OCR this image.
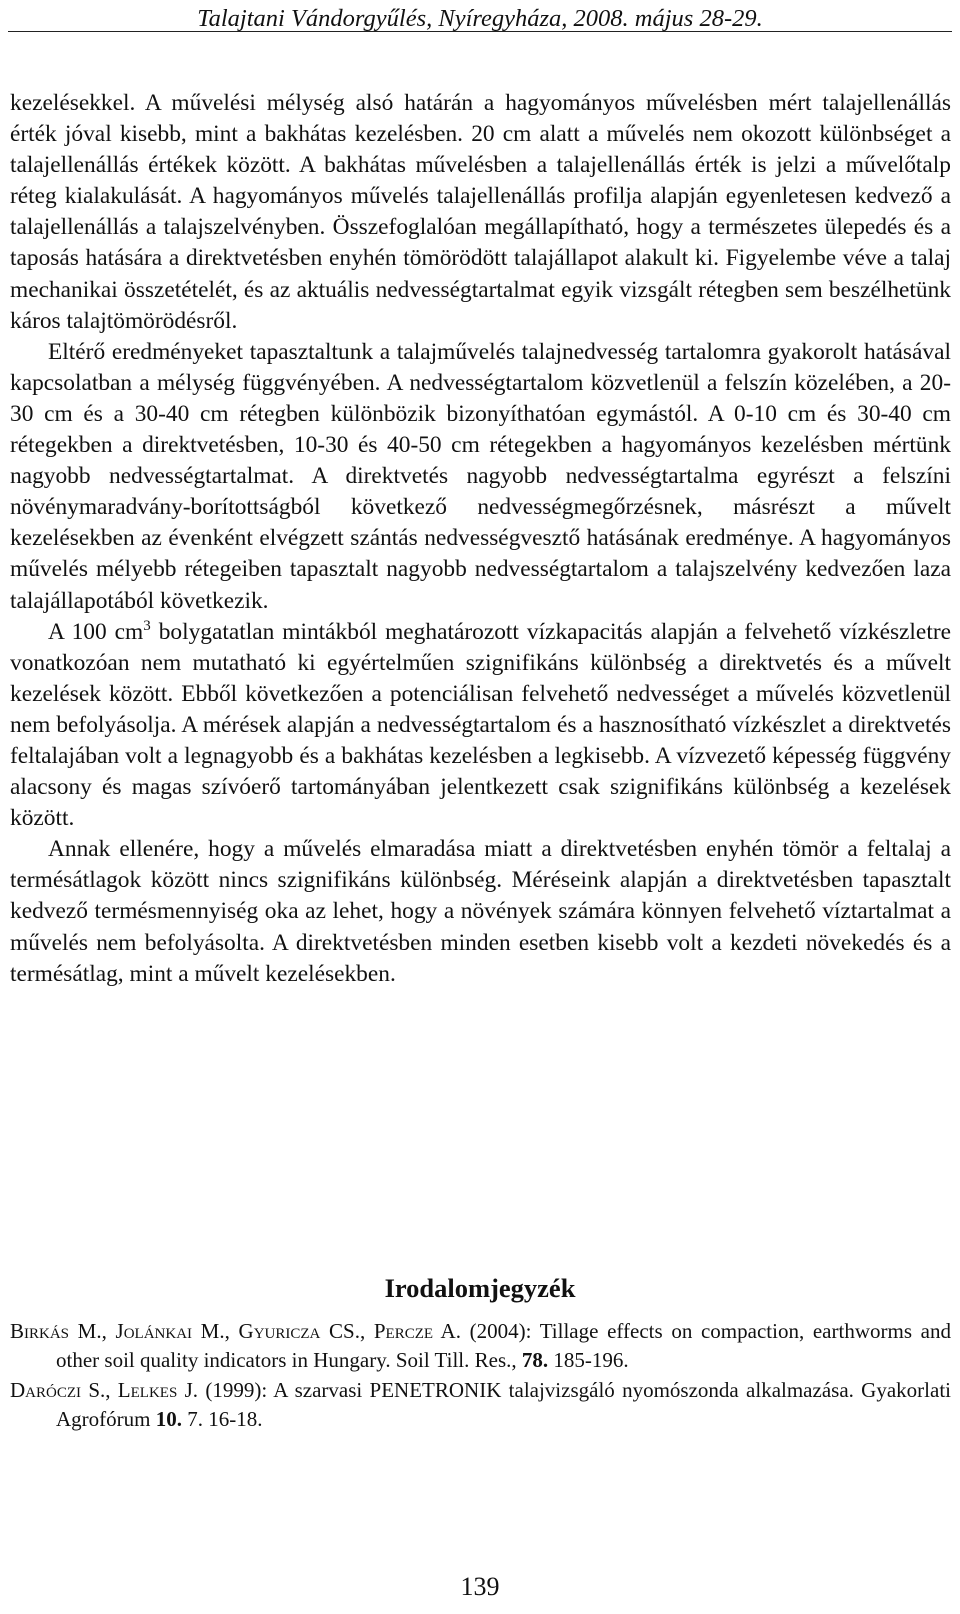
Talajtani Vándorgyűlés, Nyíregyháza, 2008. május 28-29.

kezelésekkel. A művelési mélység alsó határán a hagyományos művelésben mért talajellenállás érték jóval kisebb, mint a bakhátas kezelésben. 20 cm alatt a művelés nem okozott különbséget a talajellenállás értékek között. A bakhátas művelésben a talajellenállás érték is jelzi a művelőtalp réteg kialakulását. A hagyományos művelés talajellenállás profilja alapján egyenletesen kedvező a talajellenállás a talajszelvényben. Összefoglalóan megállapítható, hogy a természetes ülepedés és a taposás hatására a direktvetésben enyhén tömörödött talajállapot alakult ki. Figyelembe véve a talaj mechanikai összetételét, és az aktuális nedvességtartalmat egyik vizsgált rétegben sem beszélhetünk káros talajtömörödésről.

Eltérő eredményeket tapasztaltunk a talajművelés talajnedvesség tartalomra gyakorolt hatásával kapcsolatban a mélység függvényében. A nedvességtartalom közvetlenül a felszín közelében, a 20-30 cm és a 30-40 cm rétegben különbözik bizonyíthatóan egymástól. A 0-10 cm és 30-40 cm rétegekben a direktvetésben, 10-30 és 40-50 cm rétegekben a hagyományos kezelésben mértünk nagyobb nedvességtartalmat. A direktvetés nagyobb nedvességtartalma egyrészt a felszíni növénymaradvány-borítottságból következő nedvességmegőrzésnek, másrészt a művelt kezelésekben az évenként elvégzett szántás nedvességvesztő hatásának eredménye. A hagyományos művelés mélyebb rétegeiben tapasztalt nagyobb nedvességtartalom a talajszelvény kedvezően laza talajállapotából következik.

A 100 $cm^3$ bolygatatlan mintákból meghatározott vízkapacitás alapján a felvehető vízkészletre vonatkozóan nem mutatható ki egyértelműen szignifikáns különbség a direktvetés és a művelt kezelések között. Ebből következően a potenciálisan felvehető nedvességet a művelés közvetlenül nem befolyásolja. A mérések alapján a nedvességtartalom és a hasznosítható vízkészlet a direktvetés feltalajában volt a legnagyobb és a bakhátas kezelésben a legkisebb. A vízvezető képesség függvény alacsony és magas szívóerő tartományában jelentkezett csak szignifikáns különbség a kezelések között.

Annak ellenére, hogy a művelés elmaradása miatt a direktvetésben enyhén tömör a feltalaj a termésátlagok között nincs szignifikáns különbség. Méréseink alapján a direktvetésben tapasztalt kedvező termésmennyiség oka az lehet, hogy a növények számára könnyen felvehető víztartalmat a művelés nem befolyásolta. A direktvetésben minden esetben kisebb volt a kezdeti növekedés és a termésátlag, mint a művelt kezelésekben.

Irodalomjegyzék

Birkás M., Jolánkai M., Gyuricza CS., Percze A. (2004): Tillage effects on compaction, earthworms and other soil quality indicators in Hungary. Soil Till. Res., 78. 185-196.

Daróczi S., Lelkes J. (1999): A szarvasi PENETRONIK talajvizsgáló nyomószonda alkalmazása. Gyakorlati Agrofórum 10. 7. 16-18.

139
